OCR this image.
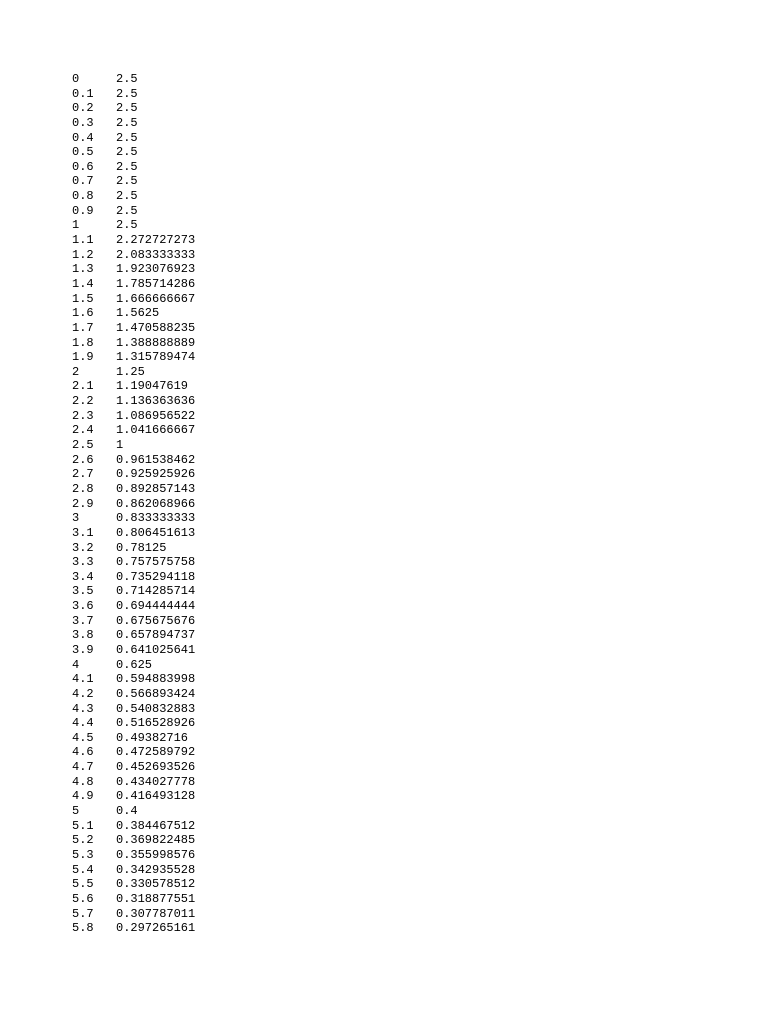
0	2.5
0.1	2.5
0.2	2.5
0.3	2.5
0.4	2.5
0.5	2.5
0.6	2.5
0.7	2.5
0.8	2.5
0.9	2.5
1	2.5
1.1	2.272727273
1.2	2.083333333
1.3	1.923076923
1.4	1.785714286
1.5	1.666666667
1.6	1.5625
1.7	1.470588235
1.8	1.388888889
1.9	1.315789474
2	1.25
2.1	1.19047619
2.2	1.136363636
2.3	1.086956522
2.4	1.041666667
2.5	1
2.6	0.961538462
2.7	0.925925926
2.8	0.892857143
2.9	0.862068966
3	0.833333333
3.1	0.806451613
3.2	0.78125
3.3	0.757575758
3.4	0.735294118
3.5	0.714285714
3.6	0.694444444
3.7	0.675675676
3.8	0.657894737
3.9	0.641025641
4	0.625
4.1	0.594883998
4.2	0.566893424
4.3	0.540832883
4.4	0.516528926
4.5	0.49382716
4.6	0.472589792
4.7	0.452693526
4.8	0.434027778
4.9	0.416493128
5	0.4
5.1	0.384467512
5.2	0.369822485
5.3	0.355998576
5.4	0.342935528
5.5	0.330578512
5.6	0.318877551
5.7	0.307787011
5.8	0.297265161
